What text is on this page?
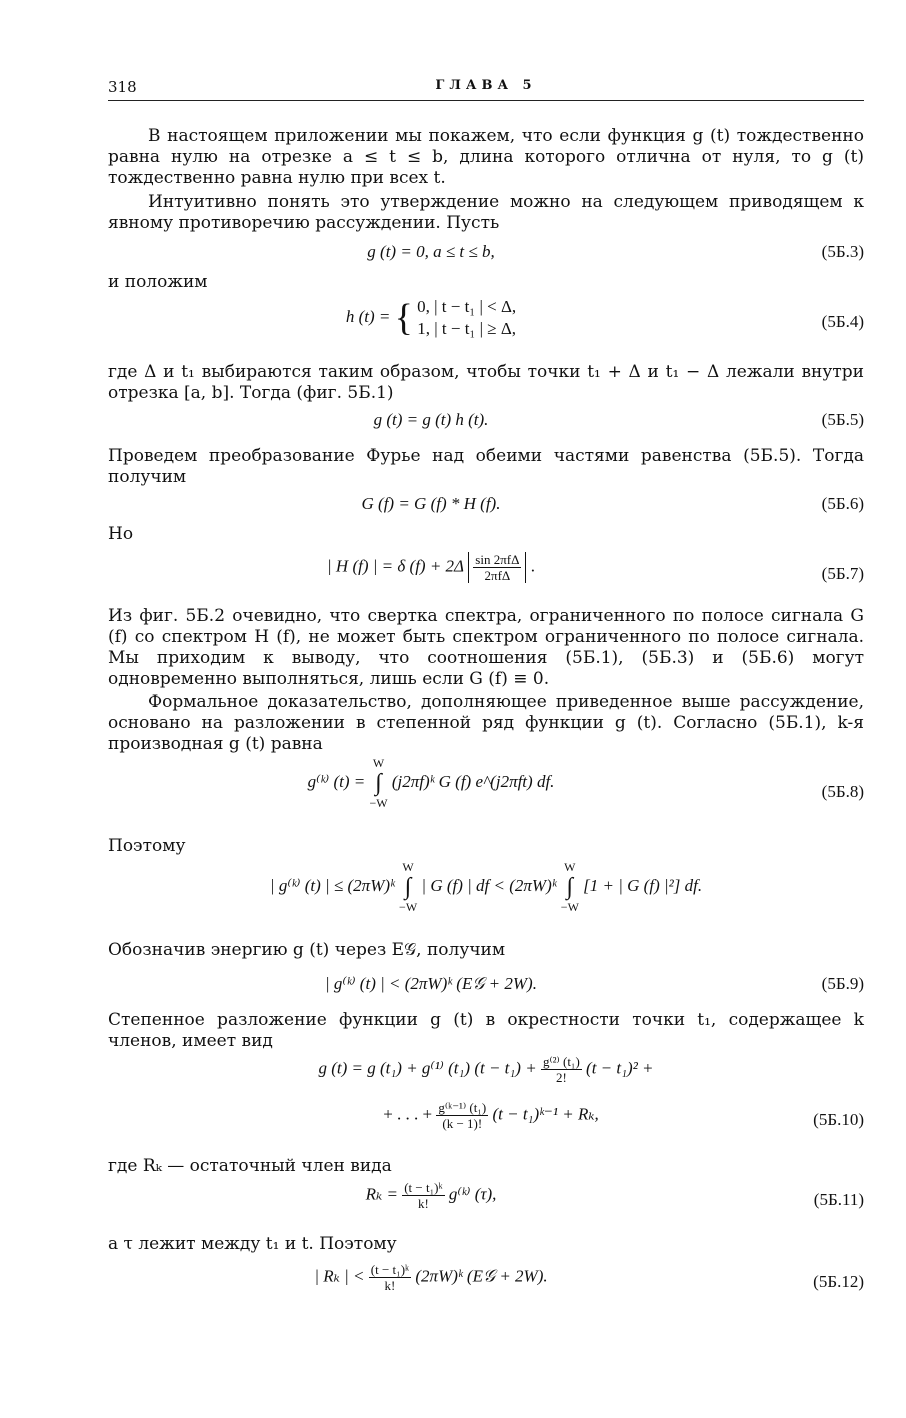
318	ГЛАВА 5

В настоящем приложении мы покажем, что если функция g (t) тождественно равна нулю на отрезке a ≤ t ≤ b, длина которого отлична от нуля, то g (t) тождественно равна нулю при всех t.

Интуитивно понять это утверждение можно на следующем приводящем к явному противоречию рассуждении. Пусть

g (t) = 0, a ≤ t ≤ b,	(5Б.3)

и положим

h (t) = { 0, | t − t₁ | < Δ,
1, | t − t₁ | ≥ Δ,	(5Б.4)

где Δ и t₁ выбираются таким образом, чтобы точки t₁ + Δ и t₁ − Δ лежали внутри отрезка [a, b]. Тогда (фиг. 5Б.1)

g (t) = g (t) h (t).	(5Б.5)

Проведем преобразование Фурье над обеими частями равенства (5Б.5). Тогда получим

G (f) = G (f) * H (f).	(5Б.6)

Но

| H (f) | = δ $(f) + 2\Delta \frac{\text{sin 2πfΔ}}{\text{2πfΔ}}$ .	(5Б.7)

Из фиг. 5Б.2 очевидно, что свертка спектра, ограниченного по полосе сигнала G (f) со спектром H (f), не может быть спектром ограниченного по полосе сигнала. Мы приходим к выводу, что соотношения (5Б.1), (5Б.3) и (5Б.6) могут одновременно выполняться, лишь если G (f) ≡ 0.

Формальное доказательство, дополняющее приведенное выше рассуждение, основано на разложении в степенной ряд функции g (t). Согласно (5Б.1), k-я производная g (t) равна

g⁽ᵏ⁾ (t) =
W
∫
−W
(j2πf)ᵏ G (f) e^(j2πft) df.
(5Б.8)

Поэтому

| g⁽ᵏ⁾ (t) | ≤ (2πW)ᵏ
W
∫
−W
| G (f) | df < (2πW)ᵏ
W
∫
−W
[1 + | G (f) |²] df.

Обозначив энергию g (t) через E𝒢, получим

| g⁽ᵏ⁾ (t) | < (2πW)ᵏ (E𝒢 + 2W).	(5Б.9)

Степенное разложение функции g (t) в окрестности точки t₁, содержащее k членов, имеет вид

g (t) = g (t₁) + g⁽¹⁾ (t₁) $(t - t_1) + \frac{\text{g⁽²⁾ (t₁)}}{2!} (t - t_1)^2$ +
+ . . . + $\frac{\text{g⁽ᵏ⁻¹⁾ (t₁)}}{(k - 1)!} (t$ − t₁)ᵏ⁻¹ + Rₖ,	(5Б.10)

где Rₖ — остаточный член вида

$R_k = \frac{\text{(t − t₁)ᵏ}}{k!}$ g⁽ᵏ⁾ (τ),	(5Б.11)

а τ лежит между t₁ и t. Поэтому

| Rₖ | < $\frac{\text{(t − t₁)ᵏ}}{k!}$ (2πW)ᵏ (E𝒢 + 2W).	(5Б.12)
